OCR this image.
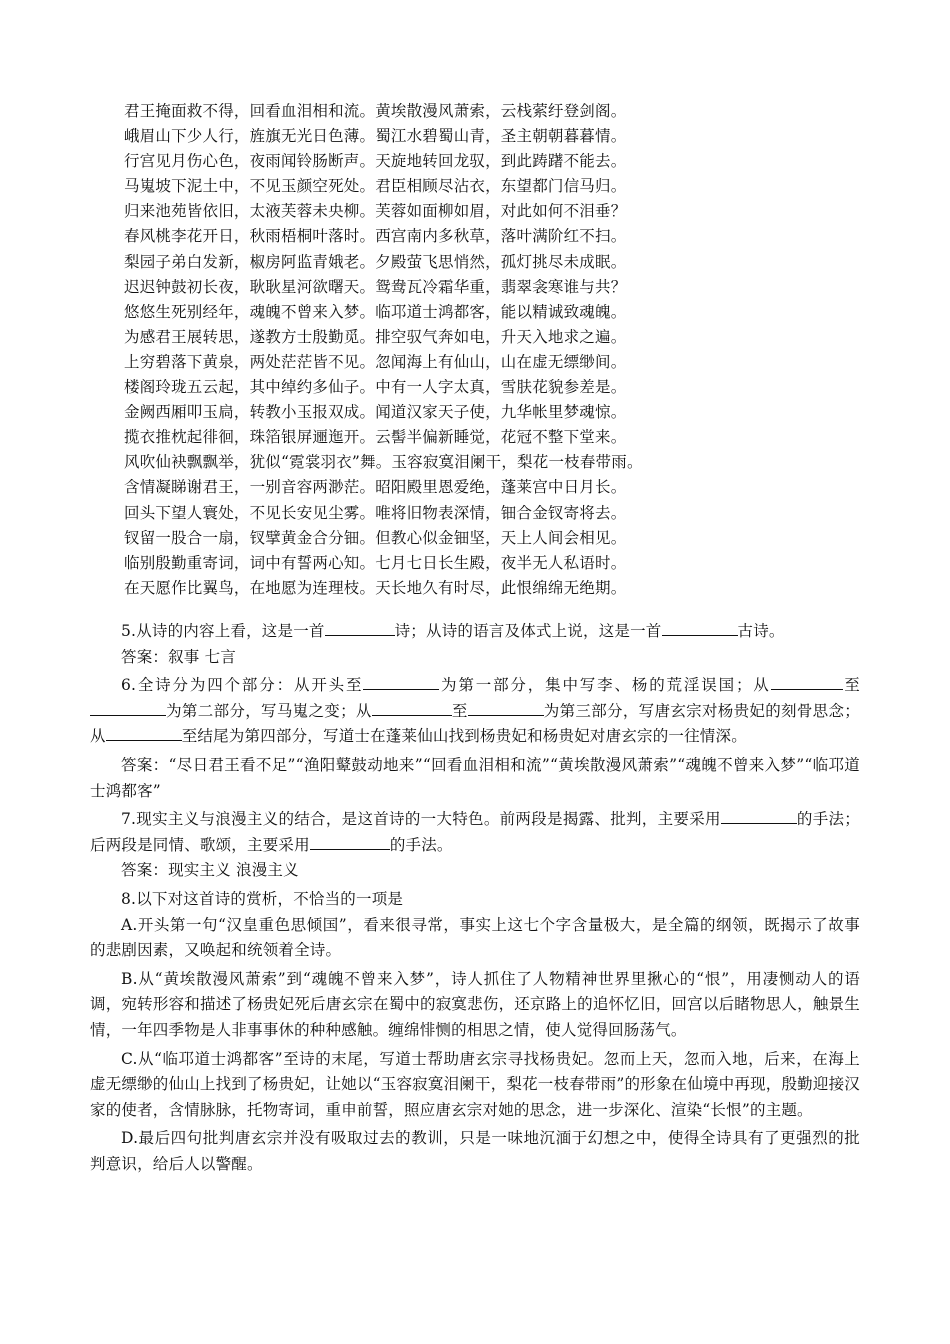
君王掩面救不得，回看血泪相和流。黄埃散漫风萧索，云栈萦纡登剑阁。
峨眉山下少人行，旌旗无光日色薄。蜀江水碧蜀山青，圣主朝朝暮暮情。
行宫见月伤心色，夜雨闻铃肠断声。天旋地转回龙驭，到此踌躇不能去。
马嵬坡下泥土中，不见玉颜空死处。君臣相顾尽沾衣，东望都门信马归。
归来池苑皆依旧，太液芙蓉未央柳。芙蓉如面柳如眉，对此如何不泪垂？
春风桃李花开日，秋雨梧桐叶落时。西宫南内多秋草，落叶满阶红不扫。
梨园子弟白发新，椒房阿监青娥老。夕殿萤飞思悄然，孤灯挑尽未成眠。
迟迟钟鼓初长夜，耿耿星河欲曙天。鸳鸯瓦冷霜华重，翡翠衾寒谁与共？
悠悠生死别经年，魂魄不曾来入梦。临邛道士鸿都客，能以精诚致魂魄。
为感君王展转思，遂教方士殷勤觅。排空驭气奔如电，升天入地求之遍。
上穷碧落下黄泉，两处茫茫皆不见。忽闻海上有仙山，山在虚无缥缈间。
楼阁玲珑五云起，其中绰约多仙子。中有一人字太真，雪肤花貌参差是。
金阙西厢叩玉扃，转教小玉报双成。闻道汉家天子使，九华帐里梦魂惊。
揽衣推枕起徘徊，珠箔银屏逦迤开。云髻半偏新睡觉，花冠不整下堂来。
风吹仙袂飘飘举，犹似“霓裳羽衣”舞。玉容寂寞泪阑干，梨花一枝春带雨。
含情凝睇谢君王，一别音容两渺茫。昭阳殿里恩爱绝，蓬莱宫中日月长。
回头下望人寰处，不见长安见尘雾。唯将旧物表深情，钿合金钗寄将去。
钗留一股合一扇，钗擘黄金合分钿。但教心似金钿坚，天上人间会相见。
临别殷勤重寄词，词中有誓两心知。七月七日长生殿，夜半无人私语时。
在天愿作比翼鸟，在地愿为连理枝。天长地久有时尽，此恨绵绵无绝期。

5.从诗的内容上看，这是一首	诗；从诗的语言及体式上说，这是一首	古诗。

答案：叙事 七言

6.全诗分为四个部分：从开头至	为第一部分，集中写李、杨的荒淫误国；从	至为第二部分，写马嵬之变；从	至	为第三部分，写唐玄宗对杨贵妃的刻骨思念；从	至结尾为第四部分，写道士在蓬莱仙山找到杨贵妃和杨贵妃对唐玄宗的一往情深。

答案：“尽日君王看不足”“渔阳鼙鼓动地来”“回看血泪相和流”“黄埃散漫风萧索”“魂魄不曾来入梦”“临邛道士鸿都客”

7.现实主义与浪漫主义的结合，是这首诗的一大特色。前两段是揭露、批判，主要采用	的手法；后两段是同情、歌颂，主要采用	的手法。

答案：现实主义 浪漫主义

8.以下对这首诗的赏析，不恰当的一项是

A.开头第一句“汉皇重色思倾国”，看来很寻常，事实上这七个字含量极大，是全篇的纲领，既揭示了故事的悲剧因素，又唤起和统领着全诗。

B.从“黄埃散漫风萧索”到“魂魄不曾来入梦”，诗人抓住了人物精神世界里揪心的“恨”，用凄恻动人的语调，宛转形容和描述了杨贵妃死后唐玄宗在蜀中的寂寞悲伤，还京路上的追怀忆旧，回宫以后睹物思人，触景生情，一年四季物是人非事事休的种种感触。缠绵悱恻的相思之情，使人觉得回肠荡气。

C.从“临邛道士鸿都客”至诗的末尾，写道士帮助唐玄宗寻找杨贵妃。忽而上天，忽而入地，后来，在海上虚无缥缈的仙山上找到了杨贵妃，让她以“玉容寂寞泪阑干，梨花一枝春带雨”的形象在仙境中再现，殷勤迎接汉家的使者，含情脉脉，托物寄词，重申前誓，照应唐玄宗对她的思念，进一步深化、渲染“长恨”的主题。

D.最后四句批判唐玄宗并没有吸取过去的教训，只是一味地沉湎于幻想之中，使得全诗具有了更强烈的批判意识，给后人以警醒。
